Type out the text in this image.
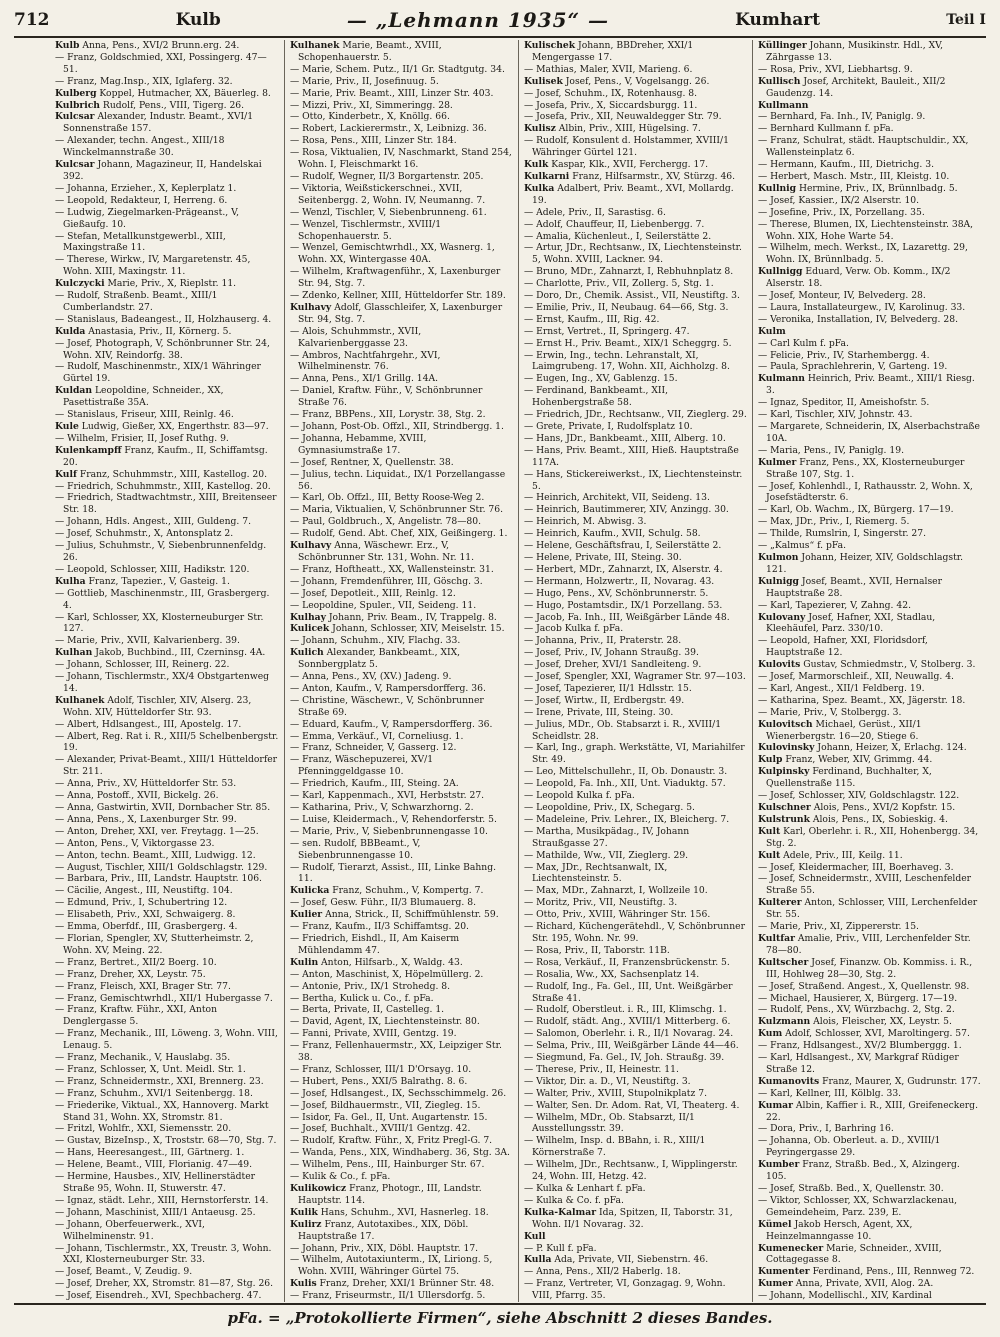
712	Kulb	— „Lehmann 1935“ —	Kumhart	Teil I

Kulb Anna, Pens., XVI/2 Brunn.erg. 24.

— Franz, Goldschmied, XXI, Possingerg. 47—51.

— Franz, Mag.Insp., XIX, Iglaferg. 32.

Kulberg Koppel, Hutmacher, XX, Bäuerleg. 8.

Kulbrich Rudolf, Pens., VIII, Tigerg. 26.

Kulcsar Alexander, Industr. Beamt., XVI/1 Sonnenstraße 157.

— Alexander, techn. Angest., XIII/18 Winckelmannstraße 30.

Kulcsar Johann, Magazineur, II, Handelskai 392.

— Johanna, Erzieher., X, Keplerplatz 1.

— Leopold, Redakteur, I, Herreng. 6.

— Ludwig, Ziegelmarken-Prägeanst., V, Gießaufg. 10.

— Stefan, Metallkunstgewerbl., XIII, Maxingstraße 11.

— Therese, Wirkw., IV, Margaretenstr. 45, Wohn. XIII, Maxingstr. 11.

Kulczycki Marie, Priv., X, Rieplstr. 11.

— Rudolf, Straßenb. Beamt., XIII/1 Cumberlandstr. 27.

— Stanislaus, Badeangest., II, Holzhauserg. 4.

Kulda Anastasia, Priv., II, Körnerg. 5.

— Josef, Photograph, V, Schönbrunner Str. 24, Wohn. XIV, Reindorfg. 38.

— Rudolf, Maschinenmstr., XIX/1 Währinger Gürtel 19.

Kuldan Leopoldine, Schneider., XX, Pasettistraße 35A.

— Stanislaus, Friseur, XIII, Reinlg. 46.

Kule Ludwig, Gießer, XX, Engerthstr. 83—97.

— Wilhelm, Frisier, II, Josef Ruthg. 9.

Kulenkampff Franz, Kaufm., II, Schiffamtsg. 20.

Kulf Franz, Schuhmmstr., XIII, Kastellog. 20.

— Friedrich, Schuhmmstr., XIII, Kastellog. 20.

— Friedrich, Stadtwachtmstr., XIII, Breitenseer Str. 18.

— Johann, Hdls. Angest., XIII, Guldeng. 7.

— Josef, Schuhmstr., X, Antonsplatz 2.

— Julius, Schuhmstr., V, Siebenbrunnenfeldg. 26.

— Leopold, Schlosser, XIII, Hadikstr. 120.

Kulha Franz, Tapezier., V, Gasteig. 1.

— Gottlieb, Maschinenmstr., III, Grasbergerg. 4.

— Karl, Schlosser, XX, Klosterneuburger Str. 127.

— Marie, Priv., XVII, Kalvarienberg. 39.

Kulhan Jakob, Buchbind., III, Czerninsg. 4A.

— Johann, Schlosser, III, Reinerg. 22.

— Johann, Tischlermstr., XX/4 Obstgartenweg 14.

Kulhanek Adolf, Tischler, XIV, Alserg. 23, Wohn. XIV, Hütteldorfer Str. 93.

— Albert, Hdlsangest., III, Apostelg. 17.

— Albert, Reg. Rat i. R., XIII/5 Schelbenbergstr. 19.

— Alexander, Privat-Beamt., XIII/1 Hütteldorfer Str. 211.

— Anna, Priv., XV, Hütteldorfer Str. 53.

— Anna, Postoff., XVII, Bickelg. 26.

— Anna, Gastwirtin, XVII, Dornbacher Str. 85.

— Anna, Pens., X, Laxenburger Str. 99.

— Anton, Dreher, XXI, ver. Freytagg. 1—25.

— Anton, Pens., V, Viktorgasse 23.

— Anton, techn. Beamt., XIII, Ludwigg. 12.

— August, Tischler, XIII/1 Goldschlagstr. 129.

— Barbara, Priv., III, Landstr. Hauptstr. 106.

— Cäcilie, Angest., III, Neustiftg. 104.

— Edmund, Priv., I, Schubertring 12.

— Elisabeth, Priv., XXI, Schwaigerg. 8.

— Emma, Oberfdf., III, Grasbergerg. 4.

— Florian, Spengler, XV, Stutterheimstr. 2, Wohn. XV, Meing. 22.

— Franz, Bertret., XII/2 Boerg. 10.

— Franz, Dreher, XX, Leystr. 75.

— Franz, Fleisch, XXI, Brager Str. 77.

— Franz, Gemischtwrhdl., XII/1 Hubergasse 7.

— Franz, Kraftw. Führ., XXI, Anton Denglergasse 5.

— Franz, Mechanik., III, Löweng. 3, Wohn. VIII, Lenaug. 5.

— Franz, Mechanik., V, Hauslabg. 35.

— Franz, Schlosser, X, Unt. Meidl. Str. 1.

— Franz, Schneidermstr., XXI, Brennerg. 23.

— Franz, Schuhm., XVI/1 Seitenbergg. 18.

— Friederike, Viktual., XX, Hannoverg. Markt Stand 31, Wohn. XX, Stromstr. 81.

— Fritzl, Wohlfr., XXI, Siemensstr. 20.

— Gustav, BizeInsp., X, Troststr. 68—70, Stg. 7.

— Hans, Heeresangest., III, Gärtnerg. 1.

— Helene, Beamt., VIII, Florianig. 47—49.

— Hermine, Hausbes., XIV, Hellinerstädter Straße 95, Wohn. II, Stuwerstr. 47.

— Ignaz, städt. Lehr., XIII, Hernstorferstr. 14.

— Johann, Maschinist, XIII/1 Antaeusg. 25.

— Johann, Oberfeuerwerk., XVI, Wilhelminenstr. 91.

— Johann, Tischlermstr., XX, Treustr. 3, Wohn. XXI, Klosterneuburger Str. 33.

— Josef, Beamt., V, Zeudig. 9.

— Josef, Dreher, XX, Stromstr. 81—87, Stg. 26.

— Josef, Eisendreh., XVI, Spechbacherg. 47.

Kulhanek Marie, Beamt., XVIII, Schopenhauerstr. 5.

— Marie, Schem. Putz., II/1 Gr. Stadtgutg. 34.

— Marie, Priv., II, Josefinuug. 5.

— Marie, Priv. Beamt., XIII, Linzer Str. 403.

— Mizzi, Priv., XI, Simmeringg. 28.

— Otto, Kinderbetr., X, Knöllg. 66.

— Robert, Lackierermstr., X, Leibnizg. 36.

— Rosa, Pens., XIII, Linzer Str. 184.

— Rosa, Viktualien, IV, Naschmarkt, Stand 254, Wohn. I, Fleischmarkt 16.

— Rudolf, Wegner, II/3 Borgartenstr. 205.

— Viktoria, Weißstickerschnei., XVII, Seitenbergg. 2, Wohn. IV, Neumanng. 7.

— Wenzl, Tischler, V, Siebenbrunneng. 61.

— Wenzel, Tischlermstr., XVIII/1 Schopenhauerstr. 5.

— Wenzel, Gemischtwrhdl., XX, Wasnerg. 1, Wohn. XX, Wintergasse 40A.

— Wilhelm, Kraftwagenführ., X, Laxenburger Str. 94, Stg. 7.

— Zdenko, Kellner, XIII, Hütteldorfer Str. 189.

Kulhavy Adolf, Glasschleifer, X, Laxenburger Str. 94, Stg. 7.

— Alois, Schuhmmstr., XVII, Kalvarienberggasse 23.

— Ambros, Nachtfahrgehr., XVI, Wilhelminenstr. 76.

— Anna, Pens., XI/1 Grillg. 14A.

— Daniel, Kraftw. Führ., V, Schönbrunner Straße 76.

— Franz, BBPens., XII, Lorystr. 38, Stg. 2.

— Johann, Post-Ob. Offzl., XII, Strindbergg. 1.

— Johanna, Hebamme, XVIII, Gymnasiumstraße 17.

— Josef, Rentner, X, Quellenstr. 38.

— Julius, techn. Liquidat., IX/1 Porzellangasse 56.

— Karl, Ob. Offzl., III, Betty Roose-Weg 2.

— Maria, Viktualien, V, Schönbrunner Str. 76.

— Paul, Goldbruch., X, Angelistr. 78—80.

— Rudolf, Gend. Abt. Chef, XIX, Geißingerg. 1.

Kulhavy Anna, Wäschewr. Erz., V, Schönbrunner Str. 131, Wohn. Nr. 11.

— Franz, Hoftheatt., XX, Wallensteinstr. 31.

— Johann, Fremdenführer, III, Göschg. 3.

— Josef, Depotleit., XIII, Reinlg. 12.

— Leopoldine, Spuler., VII, Seideng. 11.

Kulhay Johann, Priv. Beam., IV, Trappelg. 8.

Kulicek Johann, Schlosser, XIV, Meiselstr. 15.

— Johann, Schuhm., XIV, Flachg. 33.

Kulich Alexander, Bankbeamt., XIX, Sonnbergplatz 5.

— Anna, Pens., XV, (XV.) Jadeng. 9.

— Anton, Kaufm., V, Rampersdorfferg. 36.

— Christine, Wäschewr., V, Schönbrunner Straße 69.

— Eduard, Kaufm., V, Rampersdorfferg. 36.

— Emma, Verkäuf., VI, Corneliusg. 1.

— Franz, Schneider, V, Gasserg. 12.

— Franz, Wäschepuzerei, XV/1 Pfenninggeldgasse 10.

— Friedrich, Kaufm., III, Steing. 2A.

— Karl, Kappenmach., XVI, Herbststr. 27.

— Katharina, Priv., V, Schwarzhorng. 2.

— Luise, Kleidermach., V, Rehendorferstr. 5.

— Marie, Priv., V, Siebenbrunnengasse 10.

— sen. Rudolf, BBBeamt., V, Siebenbrunnengasse 10.

— Rudolf, Tierarzt, Assist., III, Linke Bahng. 11.

Kulicka Franz, Schuhm., V, Kompertg. 7.

— Josef, Gesw. Führ., II/3 Blumauerg. 8.

Kulier Anna, Strick., II, Schiffmühlenstr. 59.

— Franz, Kaufm., II/3 Schiffamtsg. 20.

— Friedrich, Eishdl., II, Am Kaiserm Mühlendamm 47.

Kulin Anton, Hilfsarb., X, Waldg. 43.

— Anton, Maschinist, X, Höpelmüllerg. 2.

— Antonie, Priv., IX/1 Strohedg. 8.

— Bertha, Kulick u. Co., f. pFa.

— Berta, Private, II, Castelleg. 1.

— David, Agent, IX, Liechtensteinstr. 80.

— Fanni, Private, XVIII, Gentzg. 19.

— Franz, Fellenhauermstr., XX, Leipziger Str. 38.

— Franz, Schlosser, III/1 D'Orsayg. 10.

— Hubert, Pens., XXI/5 Balrathg. 8. 6.

— Josef, Hdlsangest., IX, Sechsschimmelg. 26.

— Josef, Bildhauermstr., VII, Ziegleg. 15.

— Isidor, Fa. Gel., II, Unt. Augartenstr. 15.

— Josef, Buchhalt., XVIII/1 Gentzg. 42.

— Rudolf, Kraftw. Führ., X, Fritz Pregl-G. 7.

— Wanda, Pens., XIX, Windhaberg. 36, Stg. 3A.

— Wilhelm, Pens., III, Hainburger Str. 67.

— Kulik & Co., f. pFa.

Kulikowicz Franz, Photogr., III, Landstr. Hauptstr. 114.

Kulik Hans, Schuhm., XVI, Hasnerleg. 18.

Kulirz Franz, Autotaxibes., XIX, Döbl. Hauptstraße 17.

— Johann, Priv., XIX, Döbl. Hauptstr. 17.

— Wilhelm, Autotaxiunterm., IX, Liriong. 5, Wohn. XVIII, Währinger Gürtel 75.

Kulis Franz, Dreher, XXI/1 Brünner Str. 48.

— Franz, Friseurmstr., II/1 Ullersdorfg. 5.

Kulischek Johann, BBDreher, XXI/1 Mengergasse 17.

— Mathias, Maler, XVII, Marieng. 6.

Kulisek Josef, Pens., V, Vogelsangg. 26.

— Josef, Schuhm., IX, Rotenhausg. 8.

— Josefa, Priv., X, Siccardsburgg. 11.

— Josefa, Priv., XII, Neuwaldegger Str. 79.

Kulisz Albin, Priv., XIII, Hügelsing. 7.

— Rudolf, Konsulent d. Holstammer, XVIII/1 Währinger Gürtel 121.

Kulk Kaspar, Klk., XVII, Ferchergg. 17.

Kulkarni Franz, Hilfsarmstr., XV, Stürzg. 46.

Kulka Adalbert, Priv. Beamt., XVI, Mollardg. 19.

— Adele, Priv., II, Sarastisg. 6.

— Adolf, Chauffeur, II, Liebenbergg. 7.

— Amalia, Küchenleut., I, Seilerstätte 2.

— Artur, JDr., Rechtsanw., IX, Liechtensteinstr. 5, Wohn. XVIII, Lackner. 94.

— Bruno, MDr., Zahnarzt, I, Rebhuhnplatz 8.

— Charlotte, Priv., VII, Zollerg. 5, Stg. 1.

— Doro, Dr., Chemik. Assist., VII, Neustiftg. 3.

— Emilie, Priv., II, Neubaug. 64—66, Stg. 3.

— Ernst, Kaufm., III, Rig. 42.

— Ernst, Vertret., II, Springerg. 47.

— Ernst H., Priv. Beamt., XIX/1 Scheggrg. 5.

— Erwin, Ing., techn. Lehranstalt, XI, Laimgrubeng. 17, Wohn. XII, Aichholzg. 8.

— Eugen, Ing., XV, Gablenzg. 15.

— Ferdinand, Bankbeamt., XII, Hohenbergstraße 58.

— Friedrich, JDr., Rechtsanw., VII, Zieglerg. 29.

— Grete, Private, I, Rudolfsplatz 10.

— Hans, JDr., Bankbeamt., XIII, Alberg. 10.

— Hans, Priv. Beamt., XIII, Hieß. Hauptstraße 117A.

— Hans, Stickereiwerkst., IX, Liechtensteinstr. 5.

— Heinrich, Architekt, VII, Seideng. 13.

— Heinrich, Bautimmerer, XIV, Anzingg. 30.

— Heinrich, M. Abwisg. 3.

— Heinrich, Kaufm., XVII, Schulg. 58.

— Helene, Geschäftsfrau, I, Seilerstätte 2.

— Helene, Private, III, Steing. 30.

— Herbert, MDr., Zahnarzt, IX, Alserstr. 4.

— Hermann, Holzwertr., II, Novarag. 43.

— Hugo, Pens., XV, Schönbrunnerstr. 5.

— Hugo, Postamtsdir., IX/1 Porzellang. 53.

— Jacob, Fa. Inh., III, Weißgärber Lände 48.

— Jacob Kulka f. pFa.

— Johanna, Priv., II, Praterstr. 28.

— Josef, Priv., IV, Johann Straußg. 39.

— Josef, Dreher, XVI/1 Sandleiteng. 9.

— Josef, Spengler, XXI, Wagramer Str. 97—103.

— Josef, Tapezierer, II/1 Hdlsstr. 15.

— Josef, Wirtw., II, Erdbergstr. 49.

— Irene, Private, III, Steing. 30.

— Julius, MDr., Ob. Stabsarzt i. R., XVIII/1 Scheidlstr. 28.

— Karl, Ing., graph. Werkstätte, VI, Mariahilfer Str. 49.

— Leo, Mittelschullehr., II, Ob. Donaustr. 3.

— Leopold, Fa. Inh., XII, Unt. Viaduktg. 57.

— Leopold Kulka f. pFa.

— Leopoldine, Priv., IX, Schegarg. 5.

— Madeleine, Priv. Lehrer., IX, Bleicherg. 7.

— Martha, Musikpädag., IV, Johann Straußgasse 27.

— Mathilde, Ww., VII, Zieglerg. 29.

— Max, JDr., Rechtsanwalt, IX, Liechtensteinstr. 5.

— Max, MDr., Zahnarzt, I, Wollzeile 10.

— Moritz, Priv., VII, Neustiftg. 3.

— Otto, Priv., XVIII, Währinger Str. 156.

— Richard, Küchengerätehdl., V, Schönbrunner Str. 195, Wohn. Nr. 99.

— Rosa, Priv., II, Taborstr. 11B.

— Rosa, Verkäuf., II, Franzensbrückenstr. 5.

— Rosalia, Ww., XX, Sachsenplatz 14.

— Rudolf, Ing., Fa. Gel., III, Unt. Weißgärber Straße 41.

— Rudolf, Oberstleut. i. R., III, Klimschg. 1.

— Rudolf, städt. Ang., XVIII/1 Mitterberg. 6.

— Salomon, Oberlehr. i. R., II/1 Novarag. 24.

— Selma, Priv., III, Weißgärber Lände 44—46.

— Siegmund, Fa. Gel., IV, Joh. Straußg. 39.

— Therese, Priv., II, Heinestr. 11.

— Viktor, Dir. a. D., VI, Neustiftg. 3.

— Walter, Priv., XVIII, Stupolnikplatz 7.

— Walter, Sen. Dr. Adom. Rat, VI, Theaterg. 4.

— Wilhelm, MDr., Ob. Stabsarzt, II/1 Ausstellungsstr. 39.

— Wilhelm, Insp. d. BBahn, i. R., XIII/1 Körnerstraße 7.

— Wilhelm, JDr., Rechtsanw., I, Wipplingerstr. 24, Wohn. III, Hetzg. 42.

— Kulka & Lenhart f. pFa.

— Kulka & Co. f. pFa.

Kulka-Kalmar Ida, Spitzen, II, Taborstr. 31, Wohn. II/1 Novarag. 32.

Kull

— P. Kull f. pFa.

Kulla Ada, Private, VII, Siebenstrn. 46.

— Anna, Pens., XII/2 Haberlg. 18.

— Franz, Vertreter, VI, Gonzagag. 9, Wohn. VIII, Pfarrg. 35.

Küllinger Johann, Musikinstr. Hdl., XV, Zährgasse 13.

— Rosa, Priv., XVI, Liebhartsg. 9.

Kullisch Josef, Architekt, Bauleit., XII/2 Gaudenzg. 14.

Kullmann

— Bernhard, Fa. Inh., IV, Paniglg. 9.

— Bernhard Kullmann f. pFa.

— Franz, Schulrat, städt. Hauptschuldir., XX, Wallensteinplatz 6.

— Hermann, Kaufm., III, Dietrichg. 3.

— Herbert, Masch. Mstr., III, Kleistg. 10.

Kullnig Hermine, Priv., IX, Brünnlbadg. 5.

— Josef, Kassier., IX/2 Alserstr. 10.

— Josefine, Priv., IX, Porzellang. 35.

— Therese, Blumen, IX, Liechtensteinstr. 38A, Wohn. XIX, Hohe Warte 54.

— Wilhelm, mech. Werkst., IX, Lazarettg. 29, Wohn. IX, Brünnlbadg. 5.

Kullnigg Eduard, Verw. Ob. Komm., IX/2 Alserstr. 18.

— Josef, Monteur, IV, Belvederg. 28.

— Laura, Installateurgew., IV, Karolinug. 33.

— Veronika, Installation, IV, Belvederg. 28.

Kulm

— Carl Kulm f. pFa.

— Felicie, Priv., IV, Starhembergg. 4.

— Paula, Sprachlehrerin, V, Garteng. 19.

Kulmann Heinrich, Priv. Beamt., XIII/1 Riesg. 3.

— Ignaz, Speditor, II, Ameishofstr. 5.

— Karl, Tischler, XIV, Johnstr. 43.

— Margarete, Schneiderin, IX, Alserbachstraße 10A.

— Maria, Pens., IV, Paniglg. 19.

Kulmer Franz, Pens., XX, Klosterneuburger Straße 107, Stg. 1.

— Josef, Kohlenhdl., I, Rathausstr. 2, Wohn. X, Josefstädterstr. 6.

— Karl, Ob. Wachm., IX, Bürgerg. 17—19.

— Max, JDr., Priv., I, Riemerg. 5.

— Thilde, Rumslrin, I, Singerstr. 27.

— „Kalmus“ f. pFa.

Kulmon Johann, Heizer, XIV, Goldschlagstr. 121.

Kulnigg Josef, Beamt., XVII, Hernalser Hauptstraße 28.

— Karl, Tapezierer, V, Zahng. 42.

Kulovany Josef, Hafner, XXI, Stadlau, Kleehäufel, Parz. 330/10.

— Leopold, Hafner, XXI, Floridsdorf, Hauptstraße 12.

Kulovits Gustav, Schmiedmstr., V, Stolberg. 3.

— Josef, Marmorschleif., XII, Neuwallg. 4.

— Karl, Angest., XII/1 Feldberg. 19.

— Katharina, Spez. Beamt., XX, Jägerstr. 18.

— Marie, Priv., V, Stolbergg. 3.

Kulovitsch Michael, Gerüst., XII/1 Wienerbergstr. 16—20, Stiege 6.

Kulovinsky Johann, Heizer, X, Erlachg. 124.

Kulp Franz, Weber, XIV, Grimmg. 44.

Kulpinsky Ferdinand, Buchhalter, X, Quellenstraße 115.

— Josef, Schlosser, XIV, Goldschlagstr. 122.

Kulschner Alois, Pens., XVI/2 Kopfstr. 15.

Kulstrunk Alois, Pens., IX, Sobieskig. 4.

Kult Karl, Oberlehr. i. R., XII, Hohenbergg. 34, Stg. 2.

Kult Adele, Priv., III, Keilg. 11.

— Josef, Kleidermacher, III, Boerhaveg. 3.

— Josef, Schneidermstr., XVIII, Leschenfelder Straße 55.

Kulterer Anton, Schlosser, VIII, Lerchenfelder Str. 55.

— Marie, Priv., XI, Zippererstr. 15.

Kultfar Amalie, Priv., VIII, Lerchenfelder Str. 78—80.

Kultscher Josef, Finanzw. Ob. Kommiss. i. R., III, Hohlweg 28—30, Stg. 2.

— Josef, Straßend. Angest., X, Quellenstr. 98.

— Michael, Hausierer, X, Bürgerg. 17—19.

— Rudolf, Pens., XV, Würzbachg. 2, Stg. 2.

Kulzmann Alois, Fleischer, XX, Leystr. 5.

Kum Adolf, Schlosser, XVI, Maroltingerg. 57.

— Franz, Hdlsangest., XV/2 Blumberggg. 1.

— Karl, Hdlsangest., XV, Markgraf Rüdiger Straße 12.

Kumanovits Franz, Maurer, X, Gudrunstr. 177.

— Karl, Kellner, III, Kölblg. 33.

Kumar Albin, Kaffier i. R., XIII, Greifeneckerg. 22.

— Dora, Priv., I, Barhring 16.

— Johanna, Ob. Oberleut. a. D., XVIII/1 Peyringergasse 29.

Kumber Franz, Straßb. Bed., X, Alzingerg. 105.

— Josef, Straßb. Bed., X, Quellenstr. 30.

— Viktor, Schlosser, XX, Schwarzlackenau, Gemeindeheim, Parz. 239, E.

Kümel Jakob Hersch, Agent, XX, Heinzelmanngasse 10.

Kumenecker Marie, Schneider., XVIII, Cottagegasse 8.

Kumenter Ferdinand, Pens., III, Rennweg 72.

Kumer Anna, Private, XVII, Alog. 2A.

— Johann, Modellischl., XIV, Kardinal

pFa. = „Protokollierte Firmen“, siehe Abschnitt 2 dieses Bandes.
